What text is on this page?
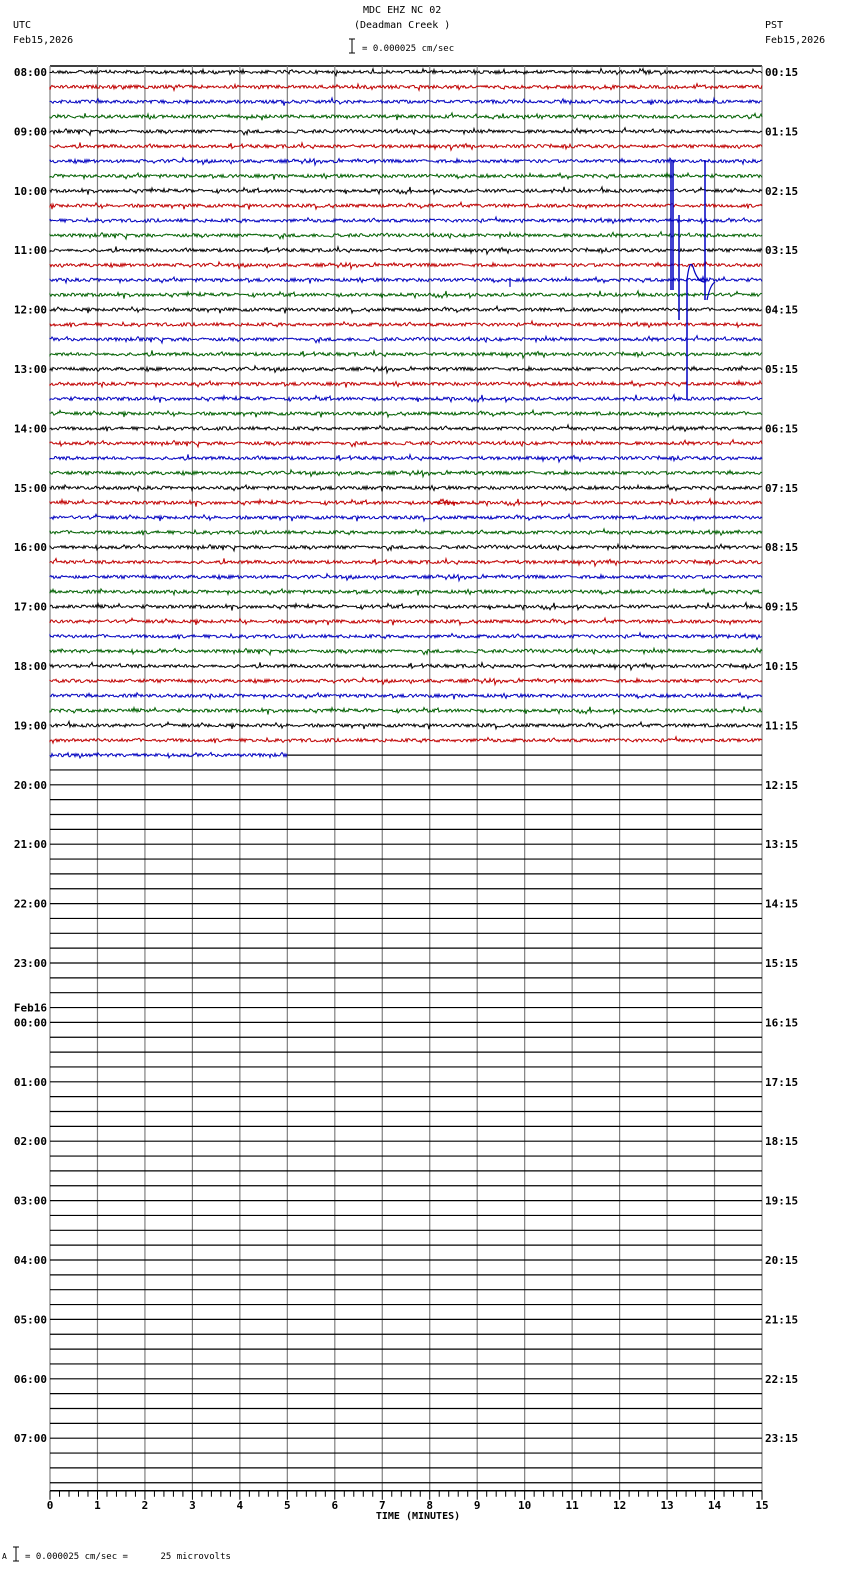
UTC
Feb15,2026
MDC EHZ NC 02
(Deadman Creek )
= 0.000025 cm/sec
PST
Feb15,2026
0	1	2	3	4	5	6	7	8	9	10	11	12	13	14	15
TIME (MINUTES)
08:00
09:00
10:00
11:00
12:00
13:00
14:00
15:00
16:00
17:00
18:00
19:00
20:00
21:00
22:00
23:00
00:00
Feb16
01:00
02:00
03:00
04:00
05:00
06:00
07:00
00:15
01:15
02:15
03:15
04:15
05:15
06:15
07:15
08:15
09:15
10:15
11:15
12:15
13:15
14:15
15:15
16:15
17:15
18:15
19:15
20:15
21:15
22:15
23:15
A = 0.000025 cm/sec =      25 microvolts
